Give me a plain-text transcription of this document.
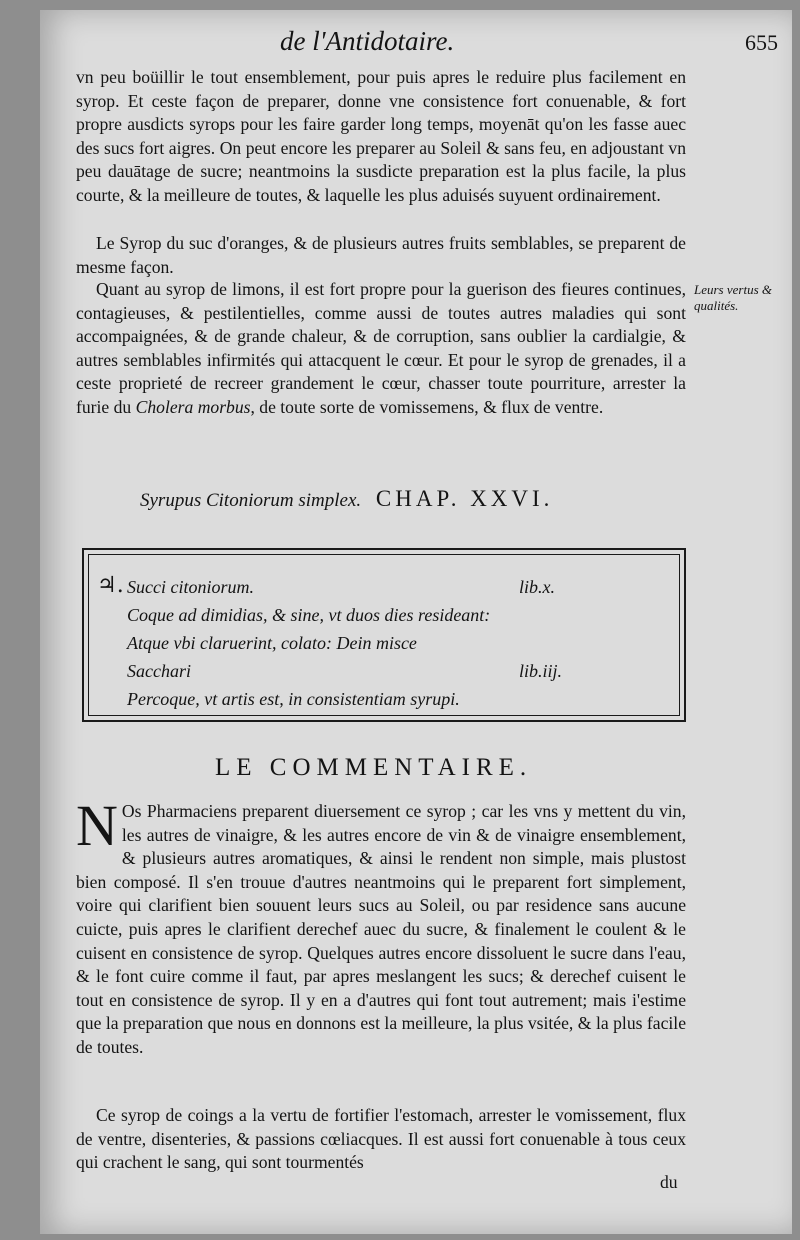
de l'Antidotaire.	655

vn peu boüillir le tout ensemblement, pour puis apres le reduire plus facilement en syrop. Et ceste façon de preparer, donne vne consistence fort conuenable, & fort propre ausdicts syrops pour les faire garder long temps, moyenāt qu'on les fasse auec des sucs fort aigres. On peut encore les preparer au Soleil & sans feu, en adjoustant vn peu dauātage de sucre; neantmoins la susdicte preparation est la plus facile, la plus courte, & la meilleure de toutes, & laquelle les plus aduisés suyuent ordinairement.

Le Syrop du suc d'oranges, & de plusieurs autres fruits semblables, se preparent de mesme façon.

Quant au syrop de limons, il est fort propre pour la guerison des fieures continues, contagieuses, & pestilentielles, comme aussi de toutes autres maladies qui sont accompaignées, & de grande chaleur, & de corruption, sans oublier la cardialgie, & autres semblables infirmités qui attacquent le cœur. Et pour le syrop de grenades, il a ceste proprieté de recreer grandement le cœur, chasser toute pourriture, arrester la furie du Cholera morbus, de toute sorte de vomissemens, & flux de ventre.

Leurs vertus & qualités.
Syrupus Citoniorum simplex. CHAP. XXVI.
♃. Succi citoniorum.	lib.x.
Coque ad dimidias, & sine, vt duos dies resideant:
Atque vbi claruerint, colato: Dein misce
Sacchari	lib.iij.
Percoque, vt artis est, in consistentiam syrupi.
LE COMMENTAIRE.
N Os Pharmaciens preparent diuersement ce syrop ; car les vns y mettent du vin, les autres de vinaigre, & les autres encore de vin & de vinaigre ensemblement, & plusieurs autres aromatiques, & ainsi le rendent non simple, mais plustost bien composé. Il s'en trouue d'autres neantmoins qui le preparent fort simplement, voire qui clarifient bien souuent leurs sucs au Soleil, ou par residence sans aucune cuicte, puis apres le clarifient derechef auec du sucre, & finalement le coulent & le cuisent en consistence de syrop. Quelques autres encore dissoluent le sucre dans l'eau, & le font cuire comme il faut, par apres meslangent les sucs; & derechef cuisent le tout en consistence de syrop. Il y en a d'autres qui font tout autrement; mais i'estime que la preparation que nous en donnons est la meilleure, la plus vsitée, & la plus facile de toutes.

Ce syrop de coings a la vertu de fortifier l'estomach, arrester le vomissement, flux de ventre, disenteries, & passions cœliacques. Il est aussi fort conuenable à tous ceux qui crachent le sang, qui sont tourmentés

du
